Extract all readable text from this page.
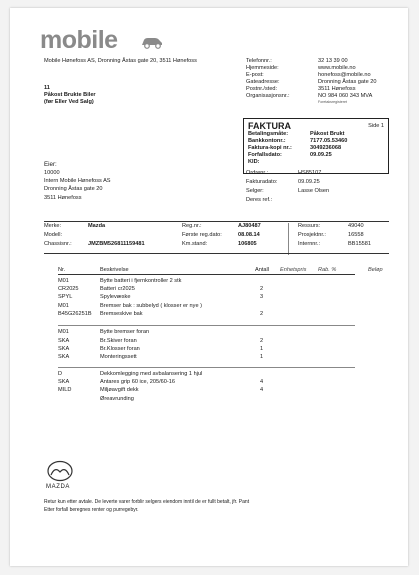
mobile
Mobile Hønefoss AS, Dronning Åstas gate 20, 3511 Hønefoss	Telefonnr.:	32 13 39 00
Hjemmeside:	www.mobile.no
E-post:	honefoss@mobile.no
Gateadresse:	Dronning Åstas gate 20
Postnr./sted:	3511 Hønefoss
Organisasjonsnr.:	NO 984 060 343 MVA
Foretaksregisteret
11
Påkost Brukte Biler
(før Eller Ved Salg)
FAKTURA	Side 1
Betalingsmåte:	Påkost Brukt
Bankkontonr.:	7177.05.53460
Faktura-kopi nr.:	3049236068
Forfallsdato:	09.09.25
KID:
Eier:
10000
Intern Mobile Hønefoss AS
Dronning Åstas gate 20
3511 Hønefoss
Ordrenr.:	HS85107
Fakturadato:	09.09.25
Selger:	Lasse Olsen
Deres ref.:
Merke:	Mazda
Modell:
Chassisnr.:	JMZBM526811159481
Reg.nr.:	AJ80487
Første reg.dato:	08.08.14
Km.stand:	106805
Ressurs:	49040
Prosjektnr.:	16558
Internnr.:	BB15581
Nr.	Beskrivelse	Antall Enhetspris Rab. %	Beløp
M01	Bytte batteri i fjernkontroller 2 stk
CR2025	Batteri cr2025	2
SPYL	Spylevæske	3
M01	Bremser bak : subbelyd ( klosser er nye )
B45G26251B Bremseskive bak	2
M01	Bytte bremser foran
SKA	Br.Skiver foran	2
SKA	Br.Klosser foran	1
SKA	Monteringssett	1
D	Dekkomlegging med avbalansering 1 hjul
SKA	Antares grip 60 ice, 205/60-16	4
MILD	Miljøavgift dekk	4
Øreavrunding
MAZDA
Retur kun etter avtale. De leverte varer forblir selgers eiendom inntil de er fullt betalt, jfr. Pant
Etter forfall beregnes renter og purregebyr.
